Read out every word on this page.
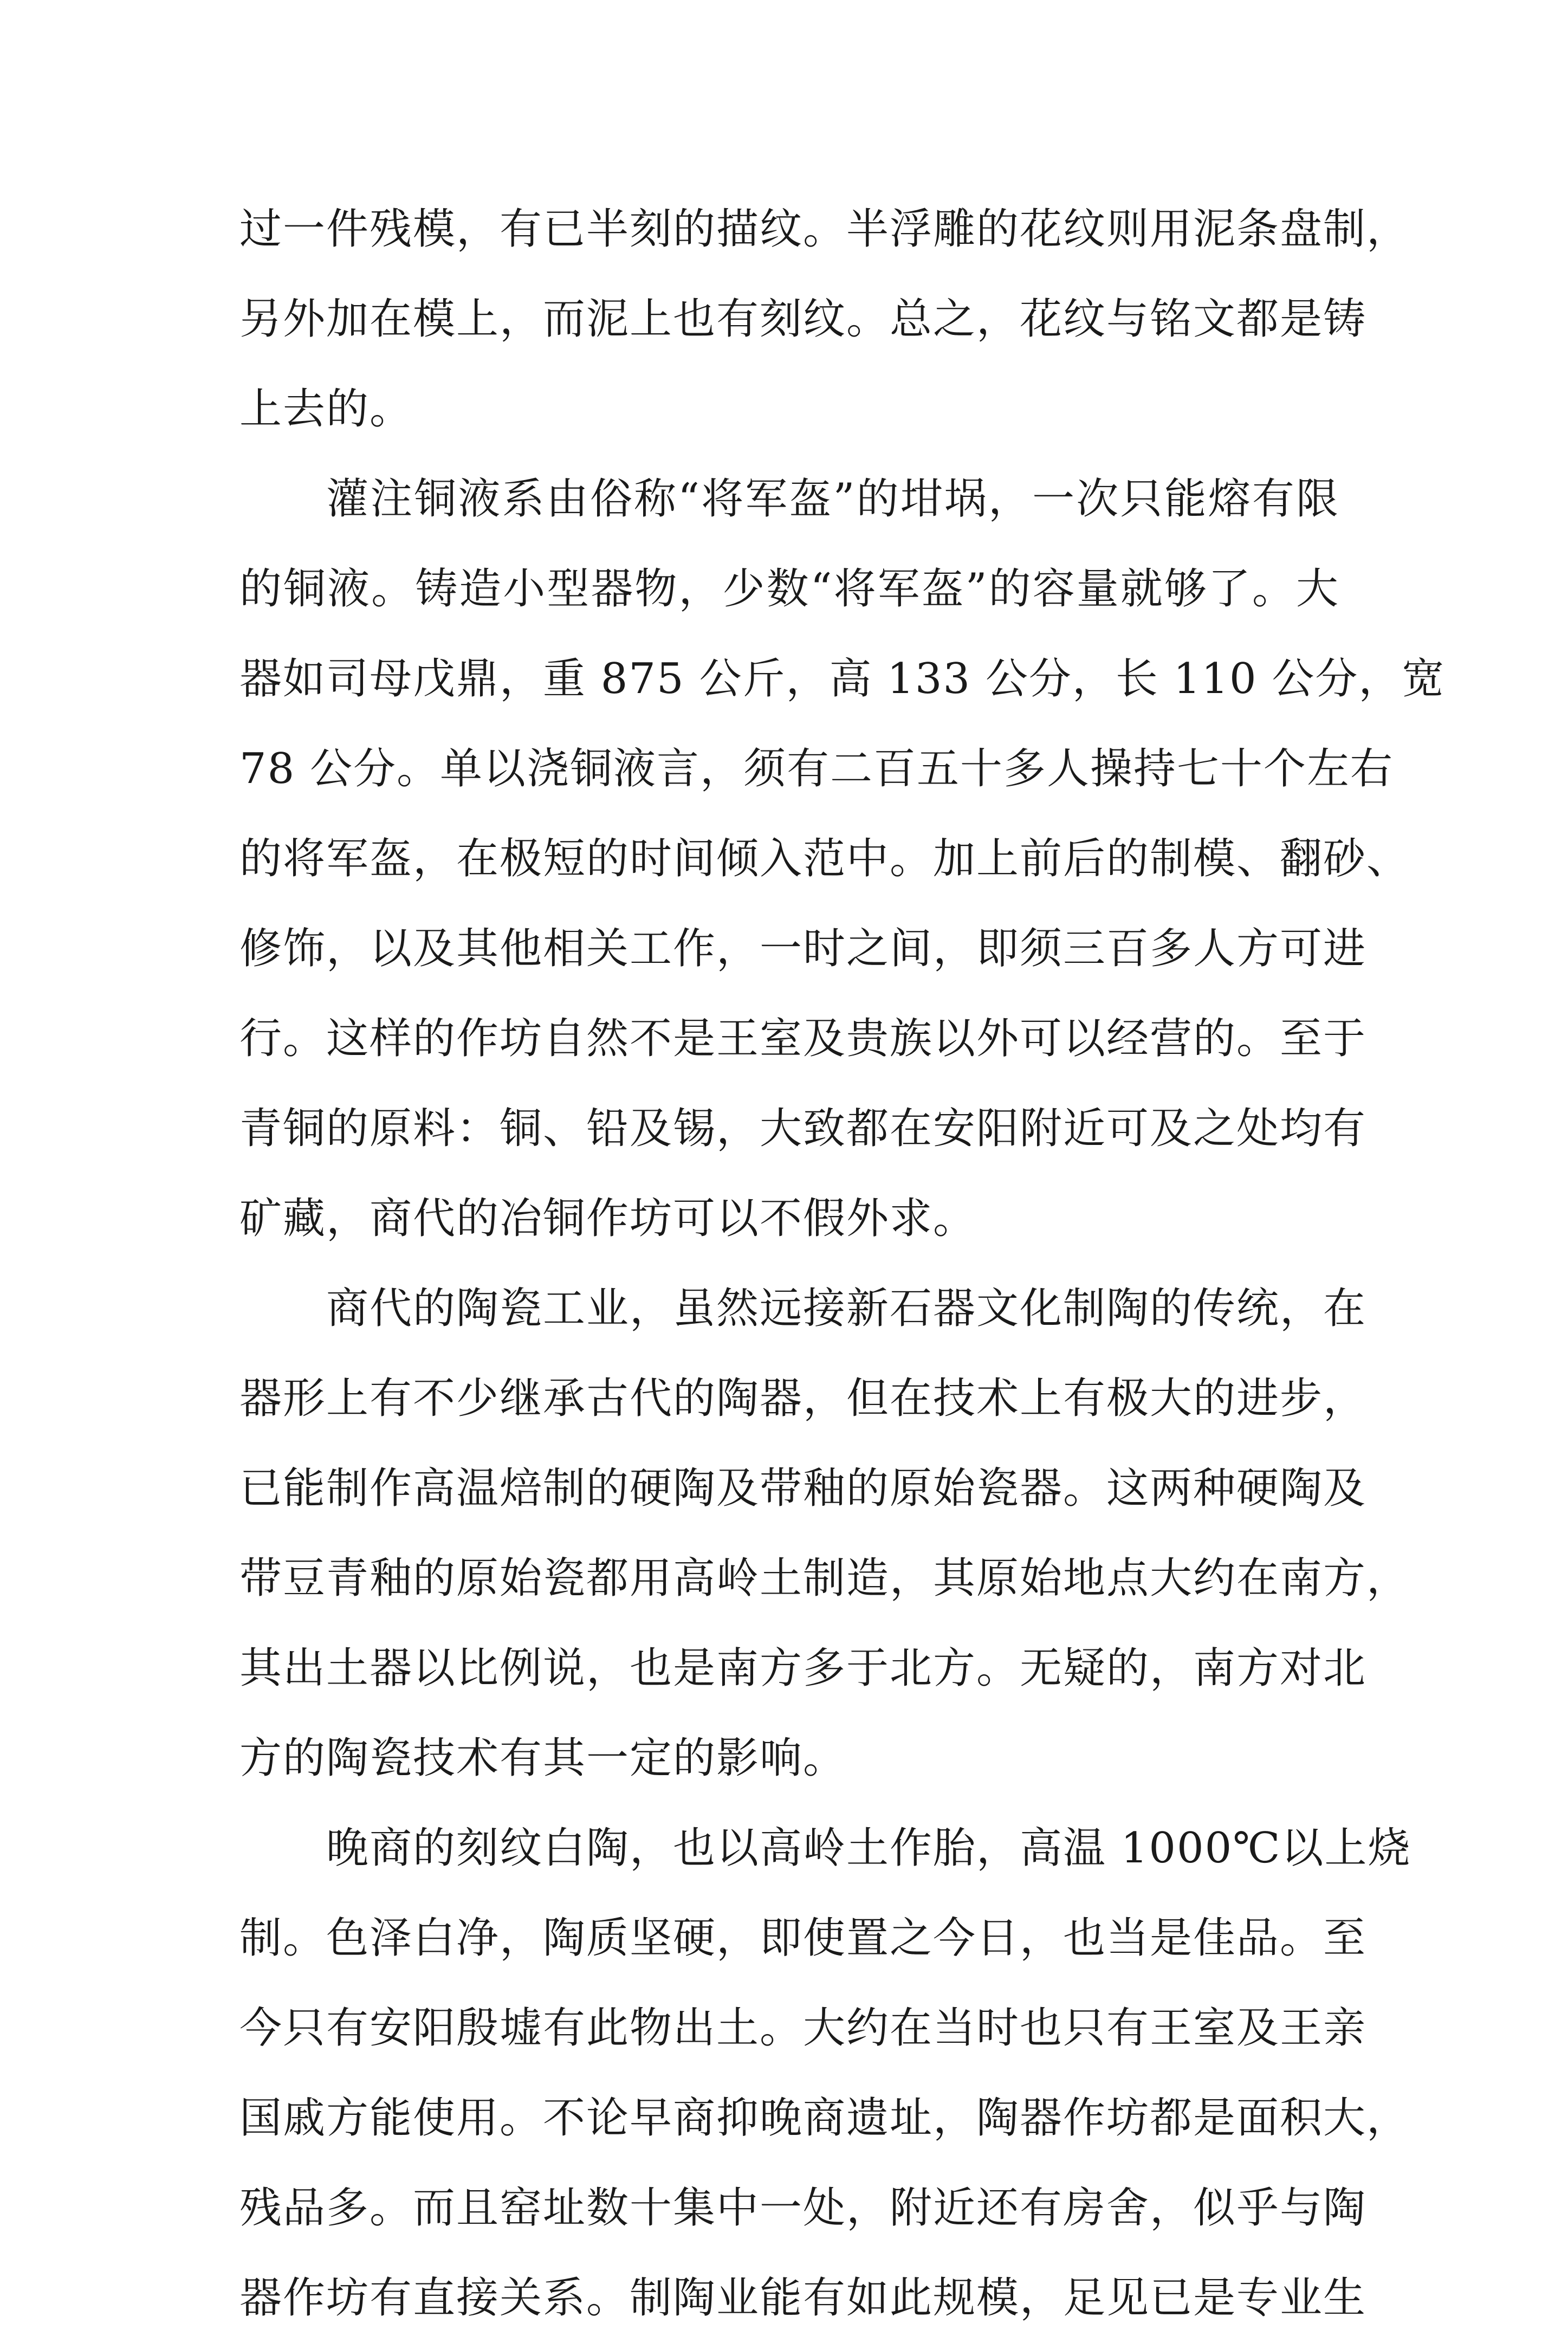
过一件残模，有已半刻的描纹。半浮雕的花纹则用泥条盘制，
另外加在模上，而泥上也有刻纹。总之，花纹与铭文都是铸
上去的。
灌注铜液系由俗称“将军盔”的坩埚，一次只能熔有限
的铜液。铸造小型器物，少数“将军盔”的容量就够了。大
器如司母戊鼎，重 875 公斤，高 133 公分，长 110 公分，宽
78 公分。单以浇铜液言，须有二百五十多人操持七十个左右
的将军盔，在极短的时间倾入范中。加上前后的制模、翻砂、
修饰，以及其他相关工作，一时之间，即须三百多人方可进
行。这样的作坊自然不是王室及贵族以外可以经营的。至于
青铜的原料：铜、铅及锡，大致都在安阳附近可及之处均有
矿藏，商代的冶铜作坊可以不假外求。
商代的陶瓷工业，虽然远接新石器文化制陶的传统，在
器形上有不少继承古代的陶器，但在技术上有极大的进步，
已能制作高温焙制的硬陶及带釉的原始瓷器。这两种硬陶及
带豆青釉的原始瓷都用高岭土制造，其原始地点大约在南方，
其出土器以比例说，也是南方多于北方。无疑的，南方对北
方的陶瓷技术有其一定的影响。
晚商的刻纹白陶，也以高岭土作胎，高温 1000℃以上烧
制。色泽白净，陶质坚硬，即使置之今日，也当是佳品。至
今只有安阳殷墟有此物出土。大约在当时也只有王室及王亲
国戚方能使用。不论早商抑晚商遗址，陶器作坊都是面积大，
残品多。而且窑址数十集中一处，附近还有房舍，似乎与陶
器作坊有直接关系。制陶业能有如此规模，足见已是专业生
